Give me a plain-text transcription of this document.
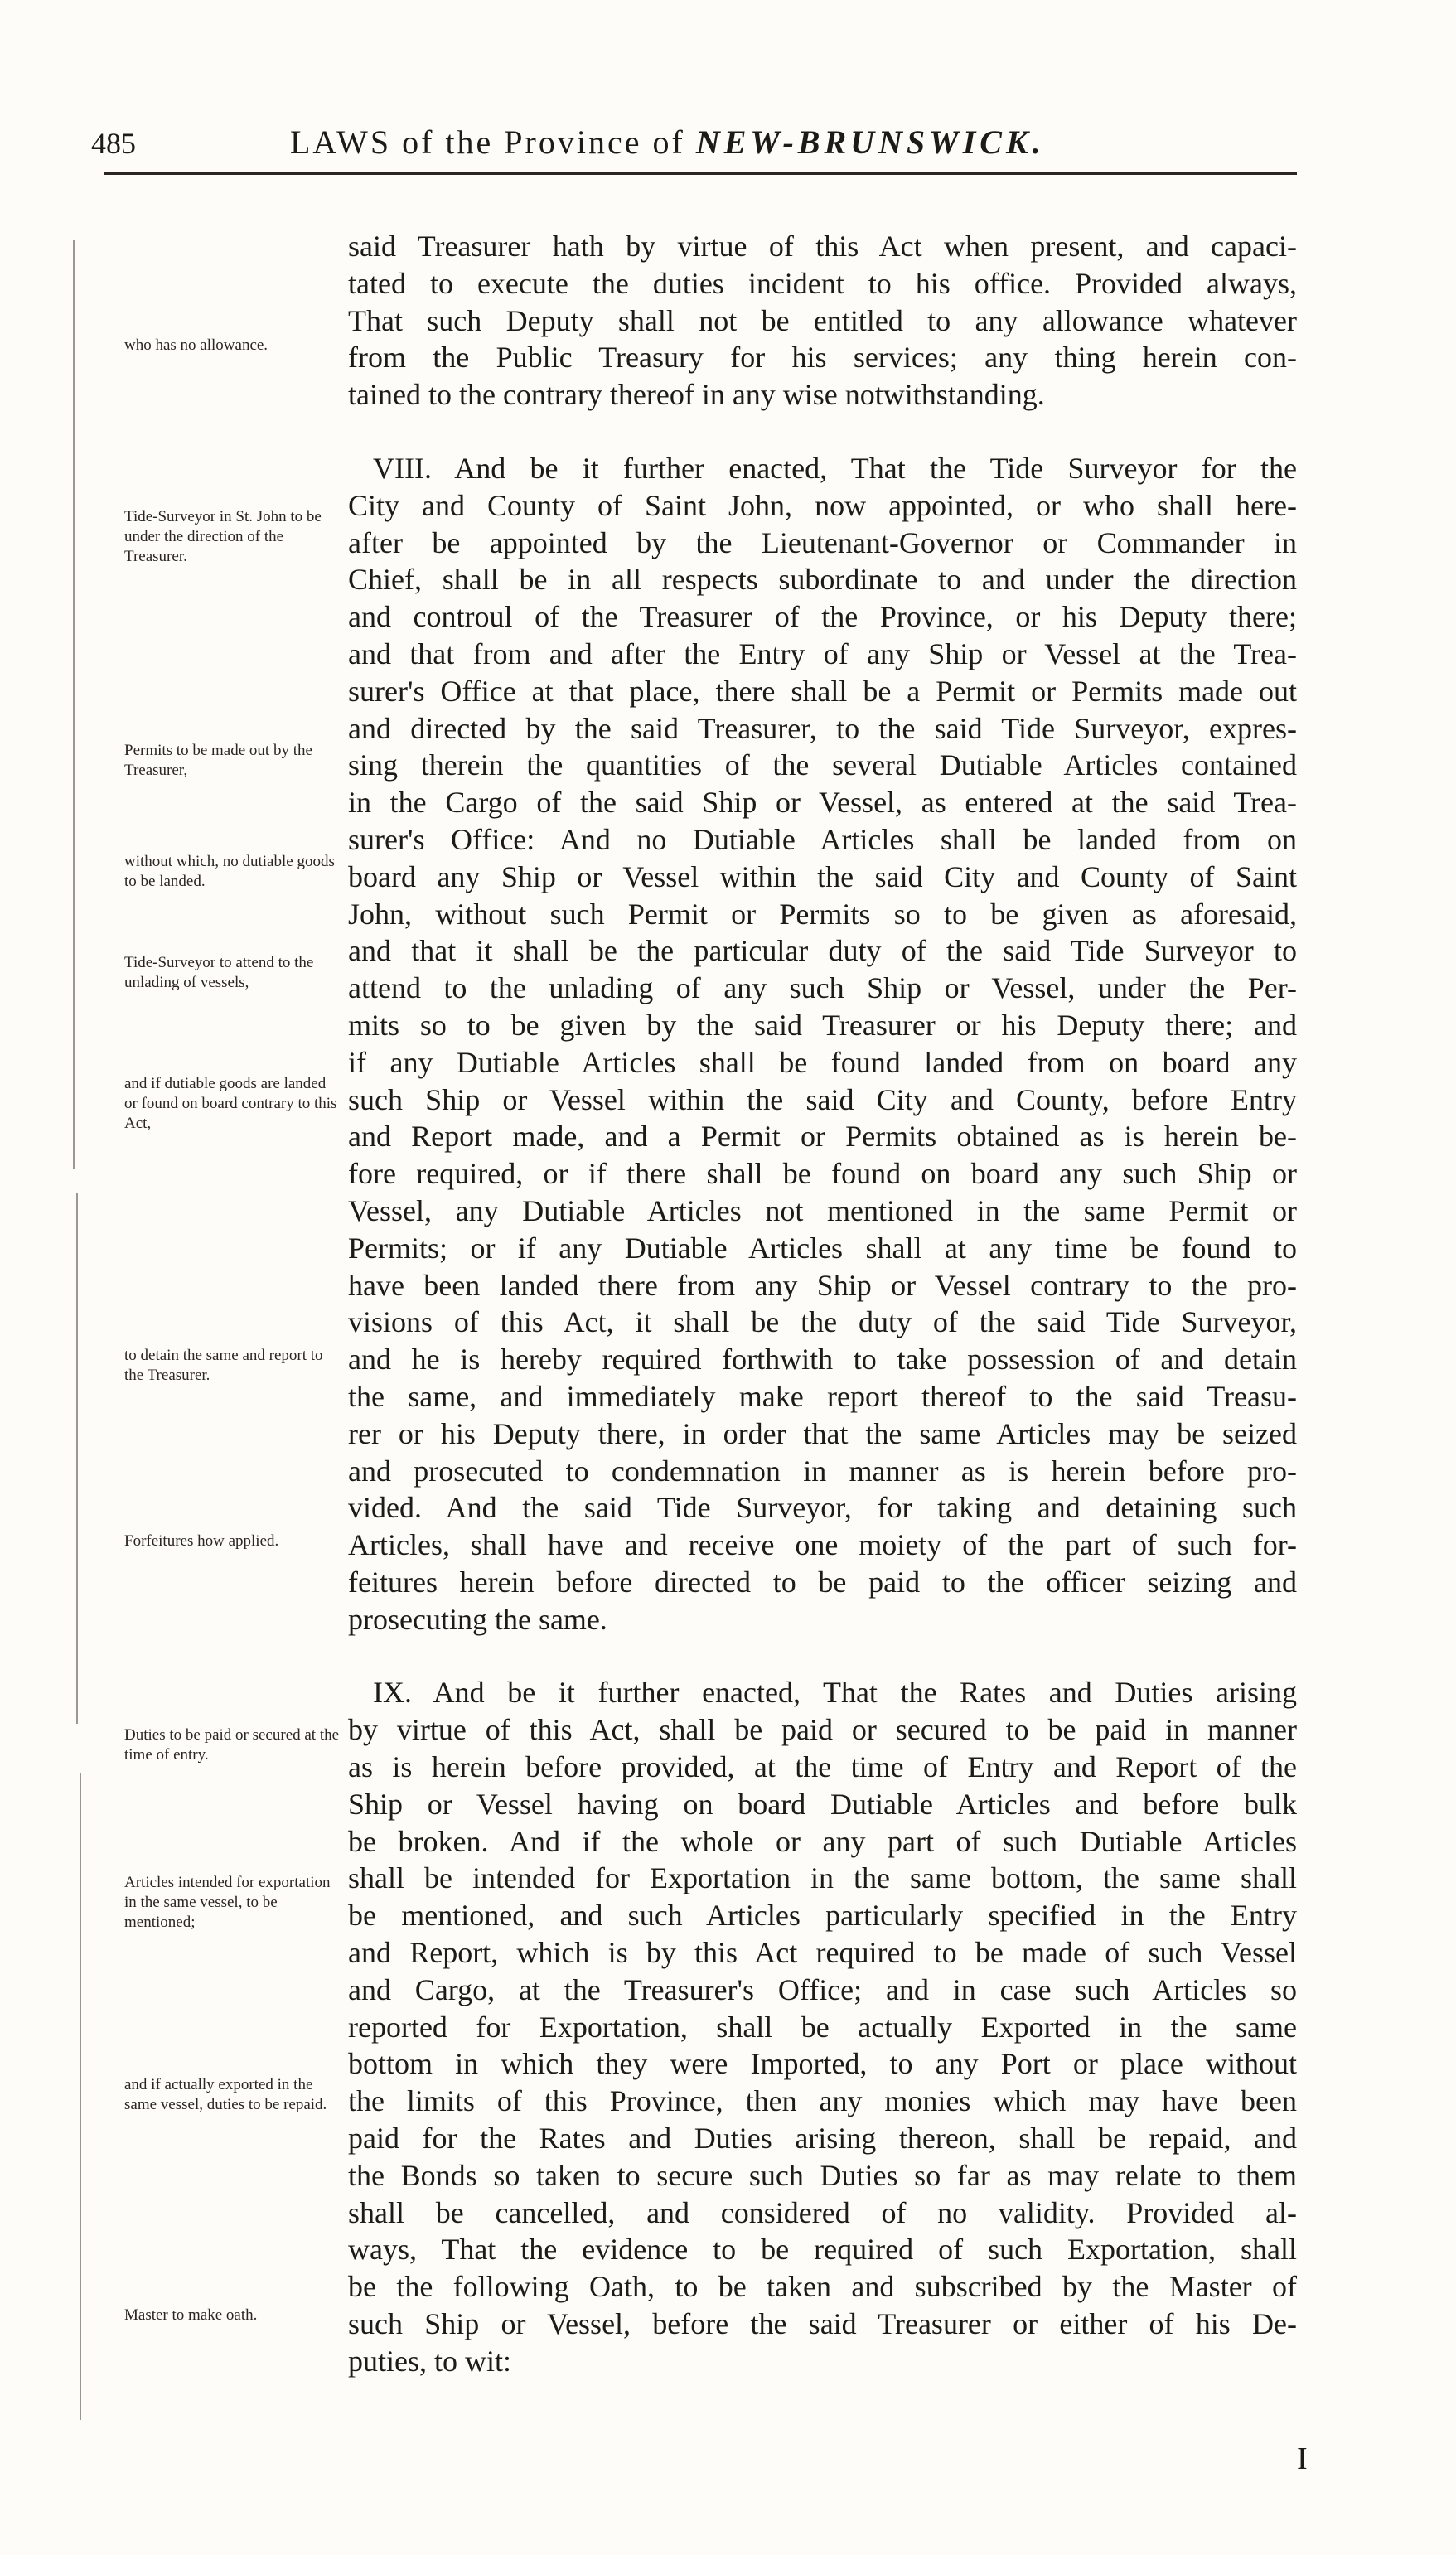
485	LAWS of the Province of NEW-BRUNSWICK.
who has no allowance.
Tide-Surveyor in St. John to be under the direction of the Treasurer.
Permits to be made out by the Treasurer,
without which, no dutiable goods to be landed.
Tide-Surveyor to attend to the unlading of vessels,
and if dutiable goods are landed or found on board contrary to this Act,
to detain the same and report to the Treasurer.
Forfeitures how applied.
Duties to be paid or secured at the time of entry.
Articles intended for exportation in the same vessel, to be mentioned;
and if actually exported in the same vessel, duties to be repaid.
Master to make oath.
said Treasurer hath by virtue of this Act when present, and capaci-
tated to execute the duties incident to his office. Provided always,
That such Deputy shall not be entitled to any allowance whatever
from the Public Treasury for his services; any thing herein con-
tained to the contrary thereof in any wise notwithstanding.
VIII. And be it further enacted, That the Tide Surveyor for the
City and County of Saint John, now appointed, or who shall here-
after be appointed by the Lieutenant-Governor or Commander in
Chief, shall be in all respects subordinate to and under the direction
and controul of the Treasurer of the Province, or his Deputy there;
and that from and after the Entry of any Ship or Vessel at the Trea-
surer's Office at that place, there shall be a Permit or Permits made out
and directed by the said Treasurer, to the said Tide Surveyor, expres-
sing therein the quantities of the several Dutiable Articles contained
in the Cargo of the said Ship or Vessel, as entered at the said Trea-
surer's Office: And no Dutiable Articles shall be landed from on
board any Ship or Vessel within the said City and County of Saint
John, without such Permit or Permits so to be given as aforesaid,
and that it shall be the particular duty of the said Tide Surveyor to
attend to the unlading of any such Ship or Vessel, under the Per-
mits so to be given by the said Treasurer or his Deputy there; and
if any Dutiable Articles shall be found landed from on board any
such Ship or Vessel within the said City and County, before Entry
and Report made, and a Permit or Permits obtained as is herein be-
fore required, or if there shall be found on board any such Ship or
Vessel, any Dutiable Articles not mentioned in the same Permit or
Permits; or if any Dutiable Articles shall at any time be found to
have been landed there from any Ship or Vessel contrary to the pro-
visions of this Act, it shall be the duty of the said Tide Surveyor,
and he is hereby required forthwith to take possession of and detain
the same, and immediately make report thereof to the said Treasu-
rer or his Deputy there, in order that the same Articles may be seized
and prosecuted to condemnation in manner as is herein before pro-
vided. And the said Tide Surveyor, for taking and detaining such
Articles, shall have and receive one moiety of the part of such for-
feitures herein before directed to be paid to the officer seizing and
prosecuting the same.
IX. And be it further enacted, That the Rates and Duties arising
by virtue of this Act, shall be paid or secured to be paid in manner
as is herein before provided, at the time of Entry and Report of the
Ship or Vessel having on board Dutiable Articles and before bulk
be broken. And if the whole or any part of such Dutiable Articles
shall be intended for Exportation in the same bottom, the same shall
be mentioned, and such Articles particularly specified in the Entry
and Report, which is by this Act required to be made of such Vessel
and Cargo, at the Treasurer's Office; and in case such Articles so
reported for Exportation, shall be actually Exported in the same
bottom in which they were Imported, to any Port or place without
the limits of this Province, then any monies which may have been
paid for the Rates and Duties arising thereon, shall be repaid, and
the Bonds so taken to secure such Duties so far as may relate to them
shall be cancelled, and considered of no validity. Provided al-
ways, That the evidence to be required of such Exportation, shall
be the following Oath, to be taken and subscribed by the Master of
such Ship or Vessel, before the said Treasurer or either of his De-
puties, to wit:
I
